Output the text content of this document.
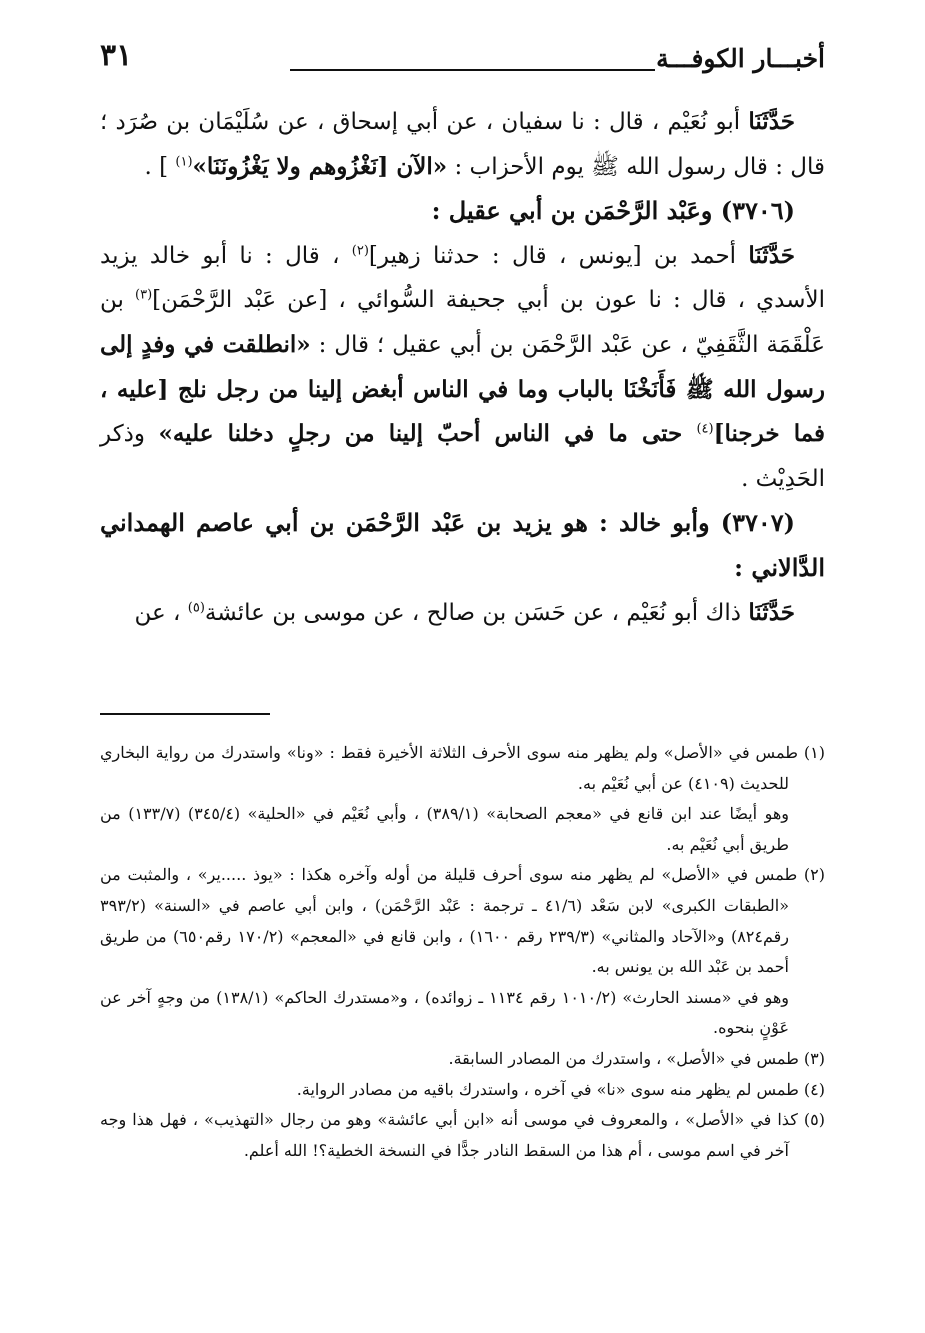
أخبـــار الكوفـــة
٣١

حَدَّثَنَا أبو نُعَيْم ، قال : نا سفيان ، عن أبي إسحاق ، عن سُلَيْمَان بن صُرَد ؛ قال : قال رسول الله ﷺ يوم الأحزاب : «الآن [نَغْزُوهم ولا يَغْزُونَنَا»$^{(١)}$ ] .

(٣٧٠٦) وعَبْد الرَّحْمَن بن أبي عقيل :

حَدَّثَنَا أحمد بن [يونس ، قال : حدثنا زهير]$^{(٢)}$ ، قال : نا أبو خالد يزيد الأسدي ، قال : نا عون بن أبي جحيفة السُّوائي ، [عن عَبْد الرَّحْمَن]$^{(٣)}$ بن عَلْقَمَة الثَّقَفِيّ ، عن عَبْد الرَّحْمَن بن أبي عقيل ؛ قال : «انطلقت في وفدٍ إلى رسول الله ﷺ فَأَنَخْنَا بالباب وما في الناس أبغض إلينا من رجل نلج [عليه ، فما خرجنا]$^{(٤)}$ حتى ما في الناس أحبّ إلينا من رجلٍ دخلنا عليه» وذكر الحَدِيْث .

(٣٧٠٧) وأبو خالد : هو يزيد بن عَبْد الرَّحْمَن بن أبي عاصم الهمداني الدَّالاني :

حَدَّثَنَا ذاك أبو نُعَيْم ، عن حَسَن بن صالح ، عن موسى بن عائشة$^{(٥)}$ ، عن

(١) طمس في «الأصل» ولم يظهر منه سوى الأحرف الثلاثة الأخيرة فقط : «ونا» واستدرك من رواية البخاري للحديث (٤١٠٩) عن أبي نُعَيْم به.

وهو أيضًا عند ابن قانع في «معجم الصحابة» (٣٨٩/١) ، وأبي نُعَيْم في «الحلية» (٣٤٥/٤) (١٣٣/٧) من طريق أبي نُعَيْم به.

(٢) طمس في «الأصل» لم يظهر منه سوى أحرف قليلة من أوله وآخره هكذا : «يوذ .....ير» ، والمثبت من «الطبقات الكبرى» لابن سَعْد (٤١/٦ ـ ترجمة : عَبْد الرَّحْمَن) ، وابن أبي عاصم في «السنة» (٣٩٣/٢ رقم٨٢٤) و«الآحاد والمثاني» (٢٣٩/٣ رقم ١٦٠٠) ، وابن قانع في «المعجم» (١٧٠/٢ رقم٦٥٠) من طريق أحمد بن عَبْد الله بن يونس به.

وهو في «مسند الحارث» (١٠١٠/٢ رقم ١١٣٤ ـ زوائده) ، و«مستدرك الحاكم» (١٣٨/١) من وجهٍ آخر عن عَوْنٍ بنحوه.

(٣) طمس في «الأصل» ، واستدرك من المصادر السابقة.

(٤) طمس لم يظهر منه سوى «نا» في آخره ، واستدرك باقيه من مصادر الرواية.

(٥) كذا في «الأصل» ، والمعروف في موسى أنه «ابن أبي عائشة» وهو من رجال «التهذيب» ، فهل هذا وجه آخر في اسم موسى ، أم هذا من السقط النادر جدًّا في النسخة الخطية؟! الله أعلم.
